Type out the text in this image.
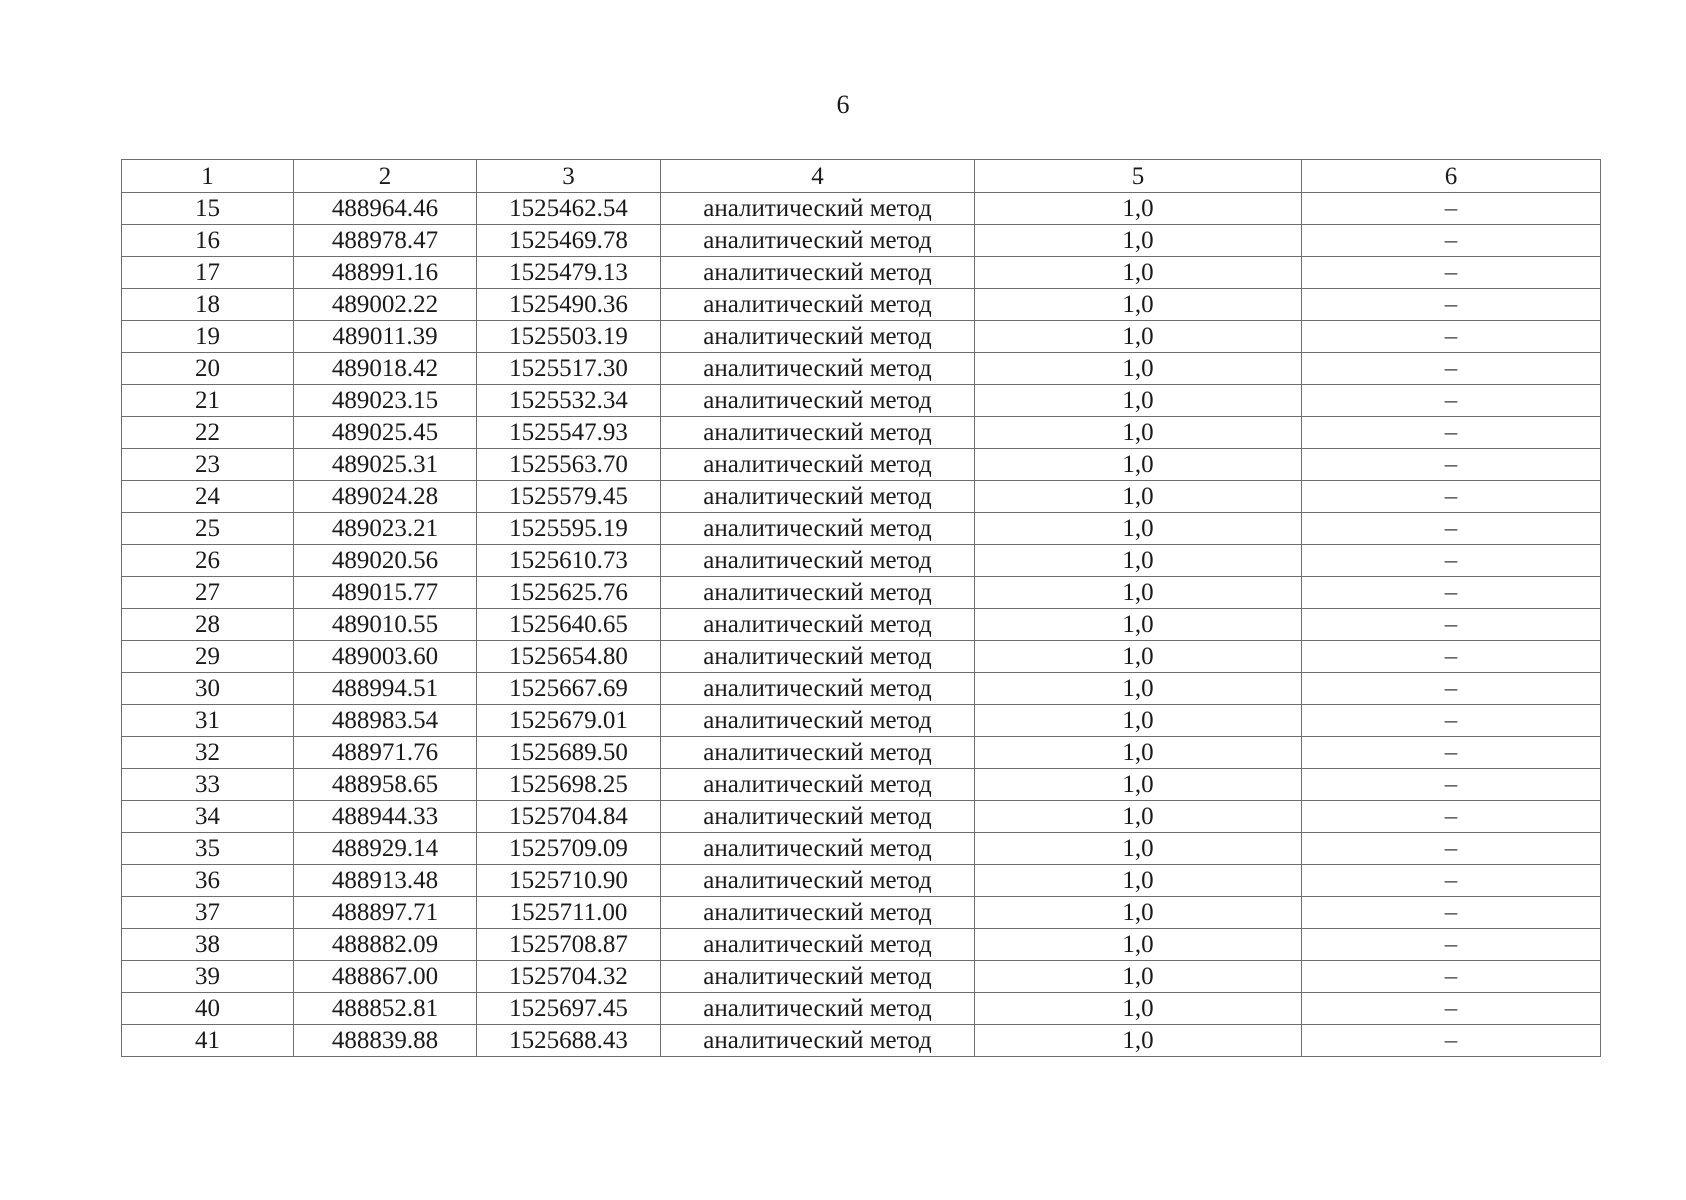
6
1	2	3	4	5	6
15	488964.46	1525462.54	аналитический метод	1,0	–
16	488978.47	1525469.78	аналитический метод	1,0	–
17	488991.16	1525479.13	аналитический метод	1,0	–
18	489002.22	1525490.36	аналитический метод	1,0	–
19	489011.39	1525503.19	аналитический метод	1,0	–
20	489018.42	1525517.30	аналитический метод	1,0	–
21	489023.15	1525532.34	аналитический метод	1,0	–
22	489025.45	1525547.93	аналитический метод	1,0	–
23	489025.31	1525563.70	аналитический метод	1,0	–
24	489024.28	1525579.45	аналитический метод	1,0	–
25	489023.21	1525595.19	аналитический метод	1,0	–
26	489020.56	1525610.73	аналитический метод	1,0	–
27	489015.77	1525625.76	аналитический метод	1,0	–
28	489010.55	1525640.65	аналитический метод	1,0	–
29	489003.60	1525654.80	аналитический метод	1,0	–
30	488994.51	1525667.69	аналитический метод	1,0	–
31	488983.54	1525679.01	аналитический метод	1,0	–
32	488971.76	1525689.50	аналитический метод	1,0	–
33	488958.65	1525698.25	аналитический метод	1,0	–
34	488944.33	1525704.84	аналитический метод	1,0	–
35	488929.14	1525709.09	аналитический метод	1,0	–
36	488913.48	1525710.90	аналитический метод	1,0	–
37	488897.71	1525711.00	аналитический метод	1,0	–
38	488882.09	1525708.87	аналитический метод	1,0	–
39	488867.00	1525704.32	аналитический метод	1,0	–
40	488852.81	1525697.45	аналитический метод	1,0	–
41	488839.88	1525688.43	аналитический метод	1,0	–
